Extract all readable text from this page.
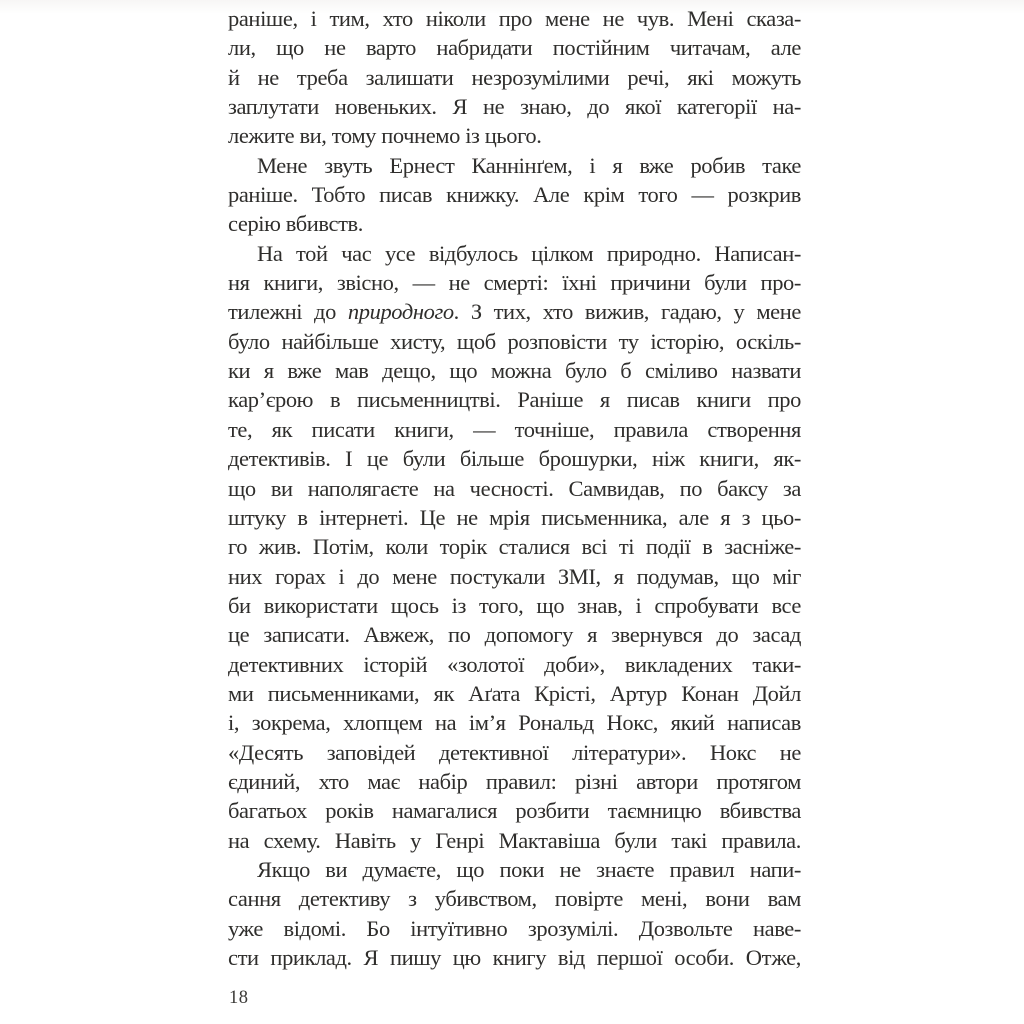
раніше, і тим, хто ніколи про мене не чув. Мені сказа-
ли, що не варто набридати постійним читачам, але
й не треба залишати незрозумілими речі, які можуть
заплутати новеньких. Я не знаю, до якої категорії на-
лежите ви, тому почнемо із цього.
Мене звуть Ернест Каннінґем, і я вже робив таке
раніше. Тобто писав книжку. Але крім того — розкрив
серію вбивств.
На той час усе відбулось цілком природно. Написан-
ня книги, звісно, — не смерті: їхні причини були про-
тилежні до природного. З тих, хто вижив, гадаю, у мене
було найбільше хисту, щоб розповісти ту історію, оскіль-
ки я вже мав дещо, що можна було б сміливо назвати
кар’єрою в письменництві. Раніше я писав книги про
те, як писати книги, — точніше, правила створення
детективів. І це були більше брошурки, ніж книги, як-
що ви наполягаєте на чесності. Самвидав, по баксу за
штуку в інтернеті. Це не мрія письменника, але я з цьо-
го жив. Потім, коли торік сталися всі ті події в засніже-
них горах і до мене постукали ЗМІ, я подумав, що міг
би використати щось із того, що знав, і спробувати все
це записати. Авжеж, по допомогу я звернувся до засад
детективних історій «золотої доби», викладених таки-
ми письменниками, як Аґата Крісті, Артур Конан Дойл
і, зокрема, хлопцем на ім’я Рональд Нокс, який написав
«Десять заповідей детективної літератури». Нокс не
єдиний, хто має набір правил: різні автори протягом
багатьох років намагалися розбити таємницю вбивства
на схему. Навіть у Генрі Мактавіша були такі правила.
Якщо ви думаєте, що поки не знаєте правил напи-
сання детективу з убивством, повірте мені, вони вам
уже відомі. Бо інтуїтивно зрозумілі. Дозвольте наве-
сти приклад. Я пишу цю книгу від першої особи. Отже,
18
